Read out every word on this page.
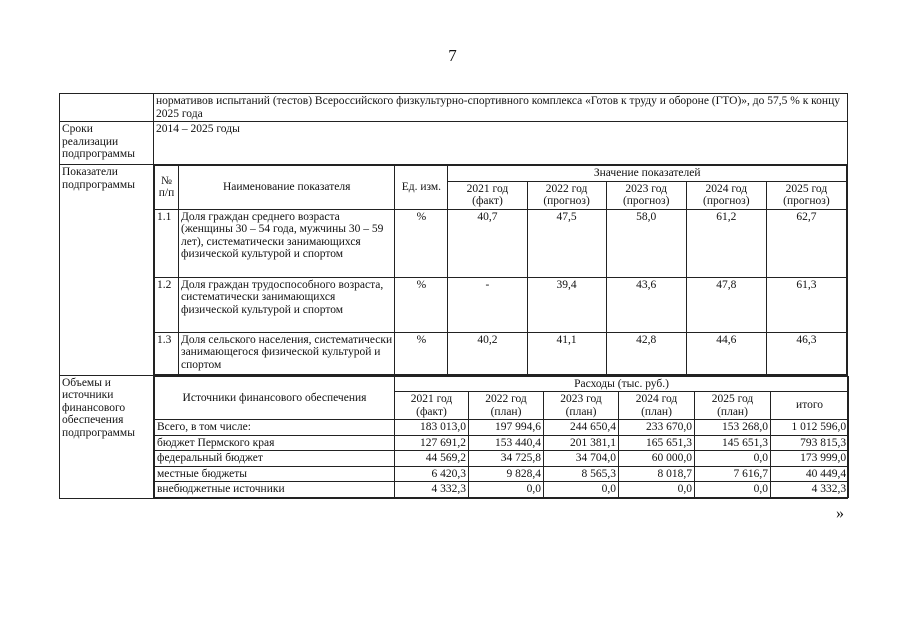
7
	нормативов испытаний (тестов) Всероссийского физкультурно-спортивного комплекса «Готов к труду и обороне (ГТО)», до 57,5 % к концу 2025 года
Сроки реализации подпрограммы	2014 – 2025 годы
Показатели подпрограммы	№ п/п	Наименование показателя	Ед. изм.	Значение показателей
2021 год (факт)	2022 год (прогноз)	2023 год (прогноз)	2024 год (прогноз)	2025 год (прогноз)
1.1	Доля граждан среднего возраста (женщины 30 – 54 года, мужчины 30 – 59 лет), систематически занимающихся физической культурой и спортом	%	40,7	47,5	58,0	61,2	62,7
1.2	Доля граждан трудоспособного возраста, систематически занимающихся физической культурой и спортом	%	-	39,4	43,6	47,8	61,3
1.3	Доля сельского населения, систематически занимающегося физической культурой и спортом	%	40,2	41,1	42,8	44,6	46,3

Объемы и источники финансового обеспечения подпрограммы	
Источники финансового обеспечения	Расходы (тыс. руб.)
2021 год (факт)	2022 год (план)	2023 год (план)	2024 год (план)	2025 год (план)	итого
Всего, в том числе:	183 013,0	197 994,6	244 650,4	233 670,0	153 268,0	1 012 596,0
бюджет Пермского края	127 691,2	153 440,4	201 381,1	165 651,3	145 651,3	793 815,3
федеральный бюджет	44 569,2	34 725,8	34 704,0	60 000,0	0,0	173 999,0
местные бюджеты	6 420,3	9 828,4	8 565,3	8 018,7	7 616,7	40 449,4
внебюджетные источники	4 332,3	0,0	0,0	0,0	0,0	4 332,3
»
